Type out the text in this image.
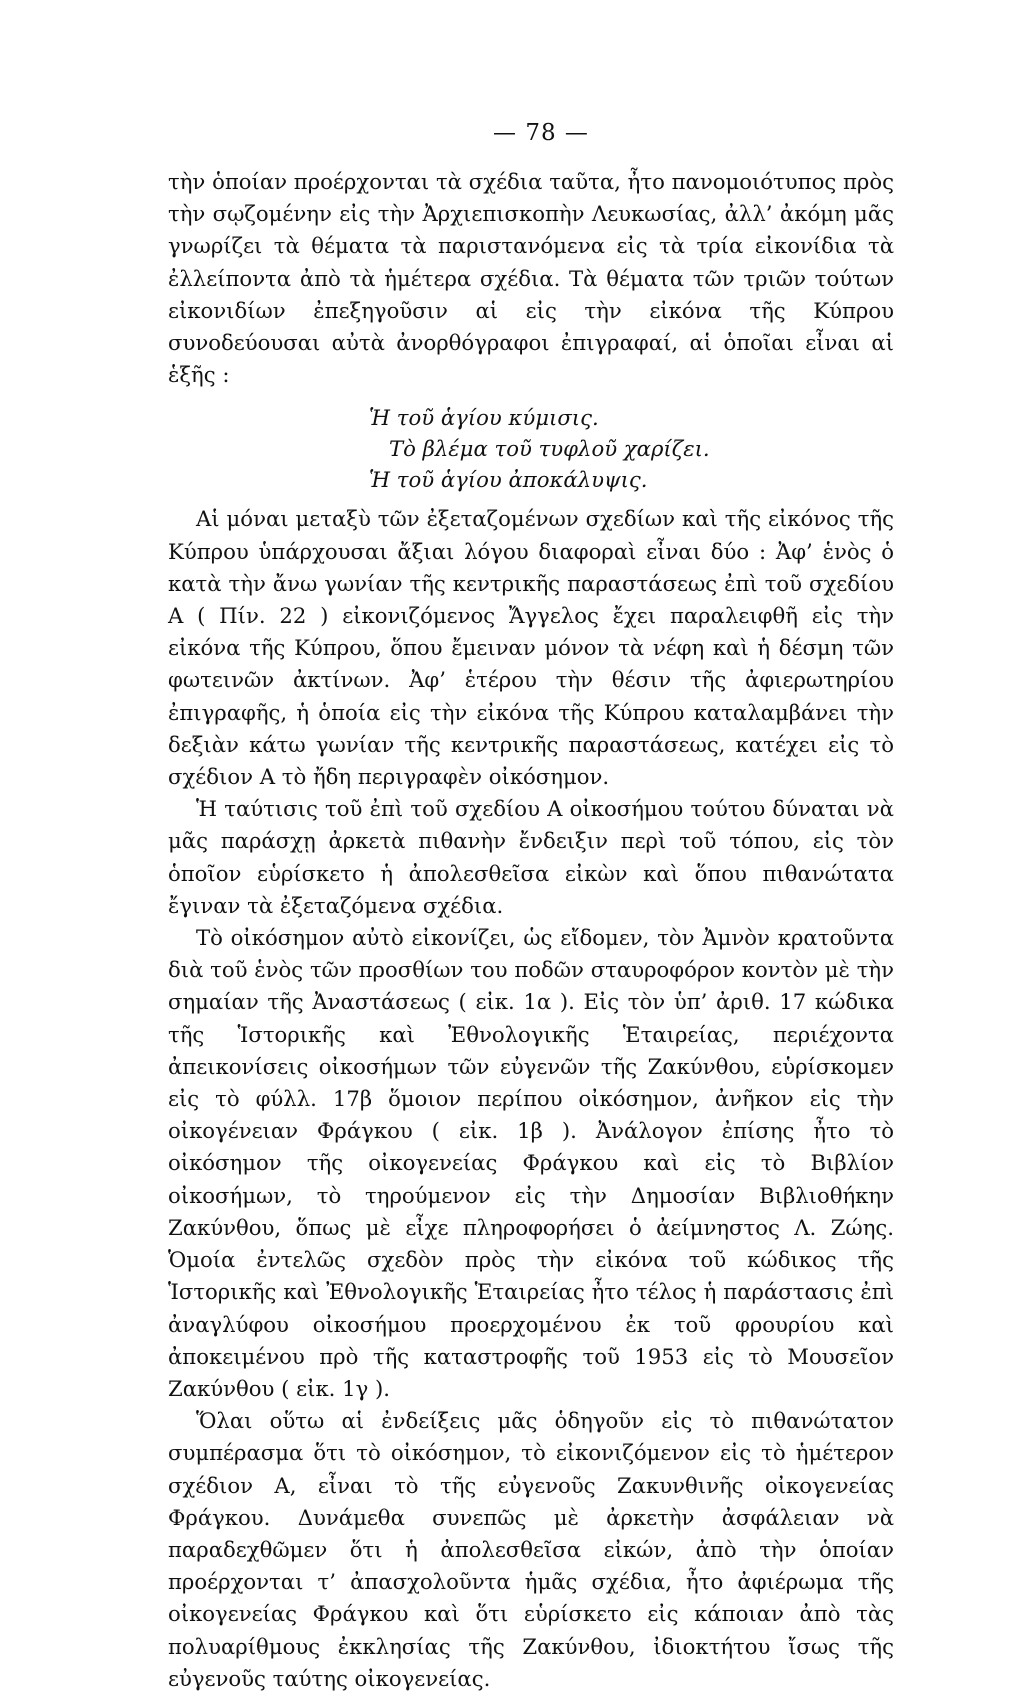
— 78 —

τὴν ὁποίαν προέρχονται τὰ σχέδια ταῦτα, ἦτο πανομοιότυπος πρὸς τὴν σῳζομένην εἰς τὴν Ἀρχιεπισκοπὴν Λευκωσίας, ἀλλ’ ἀκόμη μᾶς γνωρίζει τὰ θέματα τὰ παριστανόμενα εἰς τὰ τρία εἰκονίδια τὰ ἐλλείποντα ἀπὸ τὰ ἡμέτερα σχέδια. Τὰ θέματα τῶν τριῶν τούτων εἰκονιδίων ἐπεξηγοῦσιν αἱ εἰς τὴν εἰκόνα τῆς Κύπρου συνοδεύουσαι αὐτὰ ἀνορθόγραφοι ἐπιγραφαί, αἱ ὁποῖαι εἶναι αἱ ἑξῆς :

Ἡ τοῦ ἁγίου κύμισις.

Τὸ βλέμα τοῦ τυφλοῦ χαρίζει.

Ἡ τοῦ ἁγίου ἀποκάλυψις.

Αἱ μόναι μεταξὺ τῶν ἐξεταζομένων σχεδίων καὶ τῆς εἰκόνος τῆς Κύπρου ὑπάρχουσαι ἄξιαι λόγου διαφοραὶ εἶναι δύο : Ἀφ’ ἑνὸς ὁ κατὰ τὴν ἄνω γωνίαν τῆς κεντρικῆς παραστάσεως ἐπὶ τοῦ σχεδίου Α ( Πίν. 22 ) εἰκονιζόμενος Ἄγγελος ἔχει παραλειφθῆ εἰς τὴν εἰκόνα τῆς Κύπρου, ὅπου ἔμειναν μόνον τὰ νέφη καὶ ἡ δέσμη τῶν φωτεινῶν ἀκτίνων. Ἀφ’ ἑτέρου τὴν θέσιν τῆς ἀφιερωτηρίου ἐπιγραφῆς, ἡ ὁποία εἰς τὴν εἰκόνα τῆς Κύπρου καταλαμβάνει τὴν δεξιὰν κάτω γωνίαν τῆς κεντρικῆς παραστάσεως, κατέχει εἰς τὸ σχέδιον Α τὸ ἤδη περιγραφὲν οἰκόσημον.

Ἡ ταύτισις τοῦ ἐπὶ τοῦ σχεδίου Α οἰκοσήμου τούτου δύναται νὰ μᾶς παράσχῃ ἀρκετὰ πιθανὴν ἔνδειξιν περὶ τοῦ τόπου, εἰς τὸν ὁποῖον εὑρίσκετο ἡ ἀπολεσθεῖσα εἰκὼν καὶ ὅπου πιθανώτατα ἔγιναν τὰ ἐξεταζόμενα σχέδια.

Τὸ οἰκόσημον αὐτὸ εἰκονίζει, ὡς εἴδομεν, τὸν Ἀμνὸν κρατοῦντα διὰ τοῦ ἑνὸς τῶν προσθίων του ποδῶν σταυροφόρον κοντὸν μὲ τὴν σημαίαν τῆς Ἀναστάσεως ( εἰκ. 1α ). Εἰς τὸν ὑπ’ ἀριθ. 17 κώδικα τῆς Ἱστορικῆς καὶ Ἐθνολογικῆς Ἑταιρείας, περιέχοντα ἀπεικονίσεις οἰκοσήμων τῶν εὐγενῶν τῆς Ζακύνθου, εὑρίσκομεν εἰς τὸ φύλλ. 17β ὅμοιον περίπου οἰκόσημον, ἀνῆκον εἰς τὴν οἰκογένειαν Φράγκου ( εἰκ. 1β ). Ἀνάλογον ἐπίσης ἦτο τὸ οἰκόσημον τῆς οἰκογενείας Φράγκου καὶ εἰς τὸ Βιβλίον οἰκοσήμων, τὸ τηρούμενον εἰς τὴν Δημοσίαν Βιβλιοθήκην Ζακύνθου, ὅπως μὲ εἶχε πληροφορήσει ὁ ἀείμνηστος Λ. Ζώης. Ὁμοία ἐντελῶς σχεδὸν πρὸς τὴν εἰκόνα τοῦ κώδικος τῆς Ἱστορικῆς καὶ Ἐθνολογικῆς Ἑταιρείας ἦτο τέλος ἡ παράστασις ἐπὶ ἀναγλύφου οἰκοσήμου προερχομένου ἐκ τοῦ φρουρίου καὶ ἀποκειμένου πρὸ τῆς καταστροφῆς τοῦ 1953 εἰς τὸ Μουσεῖον Ζακύνθου ( εἰκ. 1γ ).

Ὅλαι οὕτω αἱ ἐνδείξεις μᾶς ὁδηγοῦν εἰς τὸ πιθανώτατον συμπέρασμα ὅτι τὸ οἰκόσημον, τὸ εἰκονιζόμενον εἰς τὸ ἡμέτερον σχέδιον Α, εἶναι τὸ τῆς εὐγενοῦς Ζακυνθινῆς οἰκογενείας Φράγκου. Δυνάμεθα συνεπῶς μὲ ἀρκετὴν ἀσφάλειαν νὰ παραδεχθῶμεν ὅτι ἡ ἀπολεσθεῖσα εἰκών, ἀπὸ τὴν ὁποίαν προέρχονται τ’ ἀπασχολοῦντα ἡμᾶς σχέδια, ἦτο ἀφιέρωμα τῆς οἰκογενείας Φράγκου καὶ ὅτι εὑρίσκετο εἰς κάποιαν ἀπὸ τὰς πολυαρίθμους ἐκκλησίας τῆς Ζακύνθου, ἰδιοκτήτου ἴσως τῆς εὐγενοῦς ταύτης οἰκογενείας.
